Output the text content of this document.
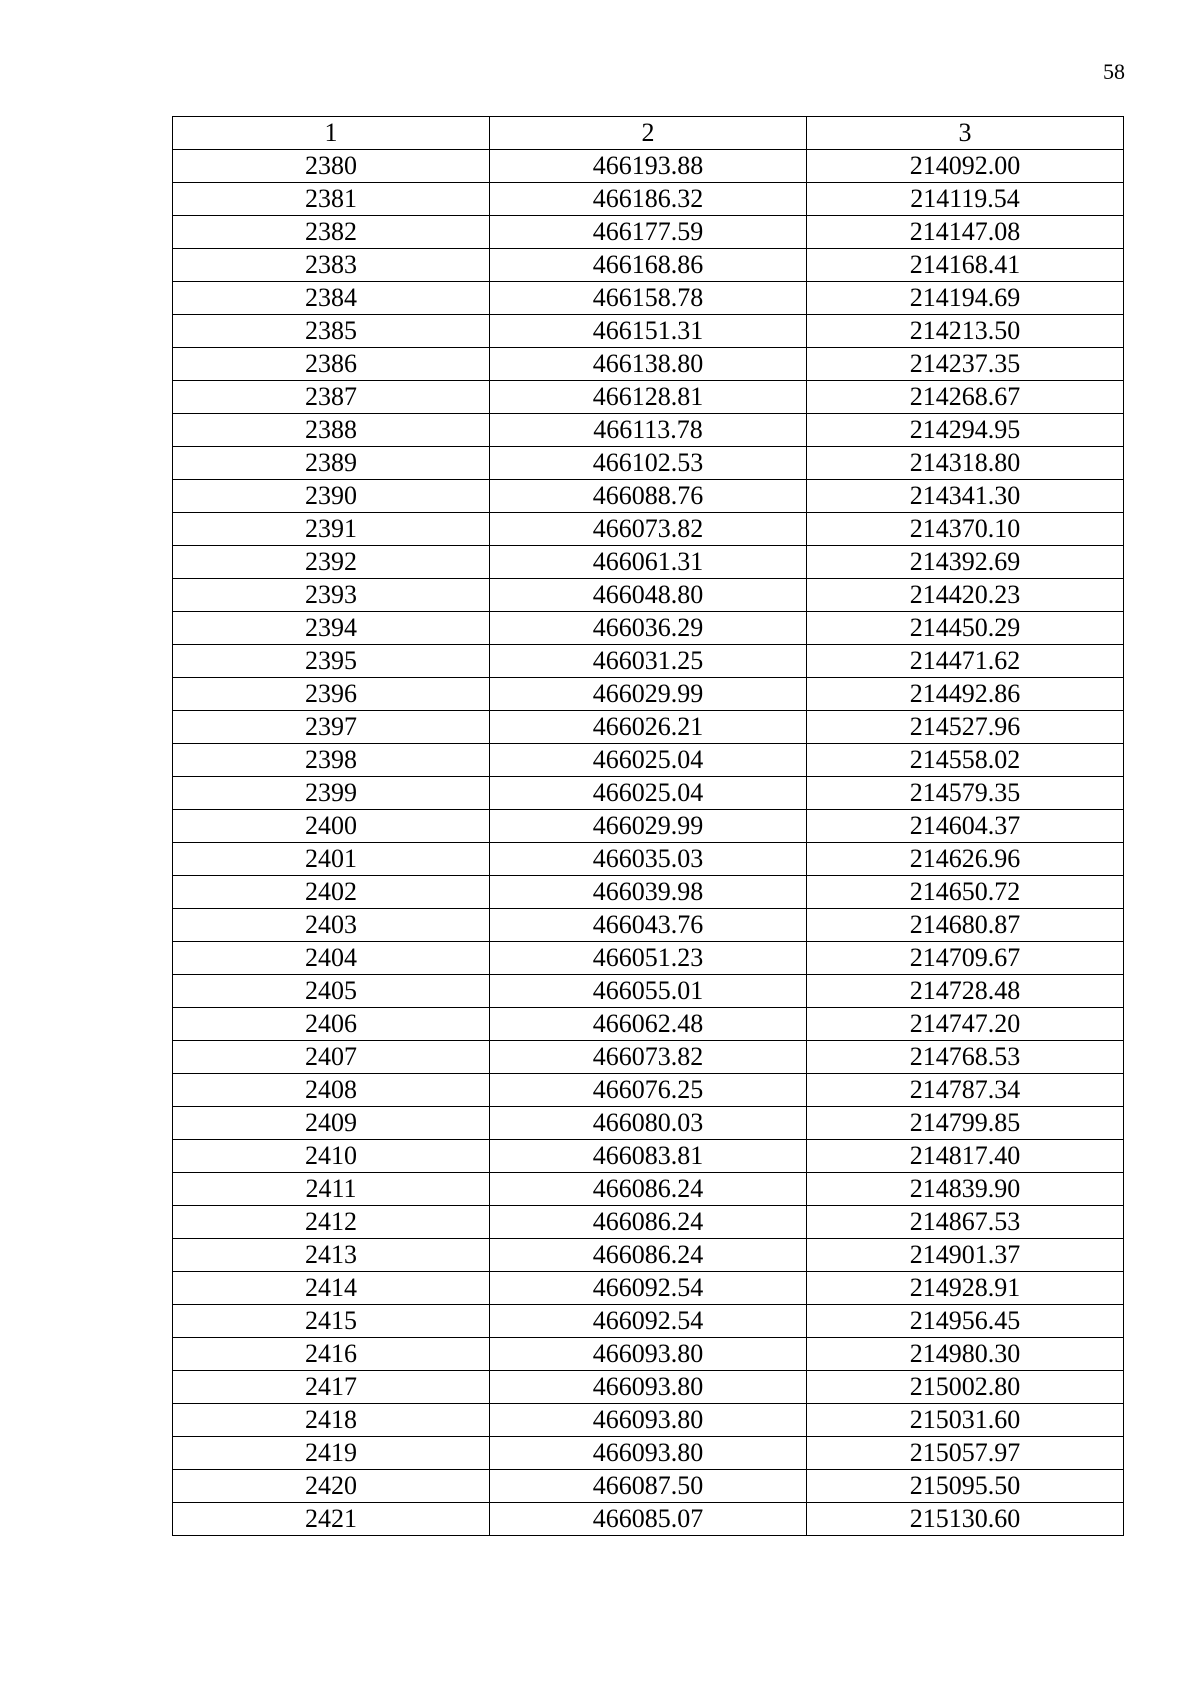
58
1	2	3
2380	466193.88	214092.00
2381	466186.32	214119.54
2382	466177.59	214147.08
2383	466168.86	214168.41
2384	466158.78	214194.69
2385	466151.31	214213.50
2386	466138.80	214237.35
2387	466128.81	214268.67
2388	466113.78	214294.95
2389	466102.53	214318.80
2390	466088.76	214341.30
2391	466073.82	214370.10
2392	466061.31	214392.69
2393	466048.80	214420.23
2394	466036.29	214450.29
2395	466031.25	214471.62
2396	466029.99	214492.86
2397	466026.21	214527.96
2398	466025.04	214558.02
2399	466025.04	214579.35
2400	466029.99	214604.37
2401	466035.03	214626.96
2402	466039.98	214650.72
2403	466043.76	214680.87
2404	466051.23	214709.67
2405	466055.01	214728.48
2406	466062.48	214747.20
2407	466073.82	214768.53
2408	466076.25	214787.34
2409	466080.03	214799.85
2410	466083.81	214817.40
2411	466086.24	214839.90
2412	466086.24	214867.53
2413	466086.24	214901.37
2414	466092.54	214928.91
2415	466092.54	214956.45
2416	466093.80	214980.30
2417	466093.80	215002.80
2418	466093.80	215031.60
2419	466093.80	215057.97
2420	466087.50	215095.50
2421	466085.07	215130.60
